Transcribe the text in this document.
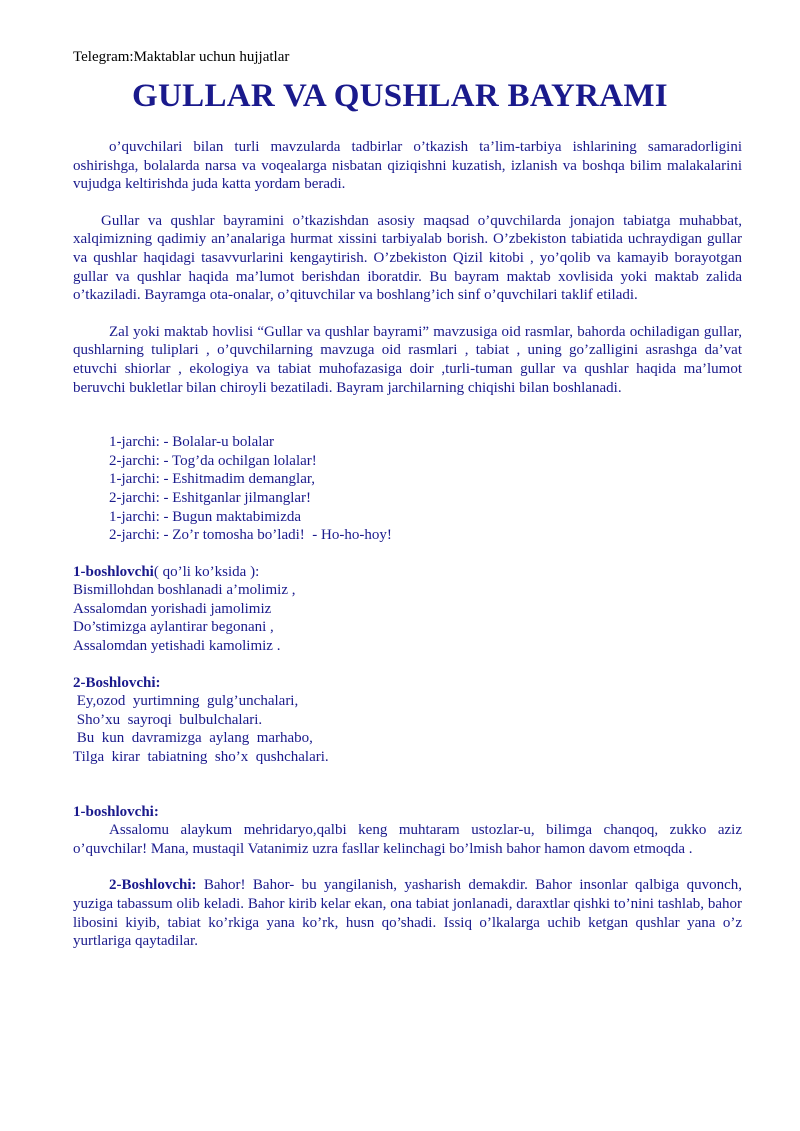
Telegram:Maktablar uchun hujjatlar
GULLAR VA QUSHLAR BAYRAMI

o’quvchilari bilan turli mavzularda tadbirlar o’tkazish ta’lim-tarbiya ishlarining samaradorligini oshirishga, bolalarda narsa va voqealarga nisbatan qiziqishni kuzatish, izlanish va boshqa bilim malakalarini vujudga keltirishda juda katta yordam beradi.

Gullar va qushlar bayramini o’tkazishdan asosiy maqsad o’quvchilarda jonajon tabiatga muhabbat, xalqimizning qadimiy an’analariga hurmat xissini tarbiyalab borish. O’zbekiston tabiatida uchraydigan gullar va qushlar haqidagi tasavvurlarini kengaytirish. O’zbekiston Qizil kitobi , yo’qolib va kamayib borayotgan gullar va qushlar haqida ma’lumot berishdan iboratdir. Bu bayram maktab xovlisida yoki maktab zalida o’tkaziladi. Bayramga ota-onalar, o’qituvchilar va boshlang’ich sinf o’quvchilari taklif etiladi.

Zal yoki maktab hovlisi “Gullar va qushlar bayrami” mavzusiga oid rasmlar, bahorda ochiladigan gullar, qushlarning tuliplari , o’quvchilarning mavzuga oid rasmlari , tabiat , uning go’zalligini asrashga da’vat etuvchi shiorlar , ekologiya va tabiat muhofazasiga doir ,turli-tuman gullar va qushlar haqida ma’lumot beruvchi bukletlar bilan chiroyli bezatiladi. Bayram jarchilarning chiqishi bilan boshlanadi.

1-jarchi: - Bolalar-u bolalar
2-jarchi: - Tog’da ochilgan lolalar!
1-jarchi: - Eshitmadim demanglar,
2-jarchi: - Eshitganlar jilmanglar!
1-jarchi: - Bugun maktabimizda
2-jarchi: - Zo’r tomosha bo’ladi!  - Ho-ho-hoy!
1-boshlovchi( qo’li ko’ksida ):
Bismillohdan boshlanadi a’molimiz ,
Assalomdan yorishadi jamolimiz
Do’stimizga aylantirar begonani ,
Assalomdan yetishadi kamolimiz .
2-Boshlovchi:
Ey,ozod  yurtimning  gulg’unchalari,
Sho’xu  sayroqi  bulbulchalari.
Bu  kun  davramizga  aylang  marhabo,
Tilga  kirar  tabiatning  sho’x  qushchalari.
1-boshlovchi:

Assalomu alaykum mehridaryo,qalbi keng muhtaram ustozlar-u, bilimga chanqoq, zukko aziz o’quvchilar! Mana, mustaqil Vatanimiz uzra fasllar kelinchagi bo’lmish bahor hamon davom etmoqda .

2-Boshlovchi: Bahor! Bahor- bu yangilanish, yasharish demakdir. Bahor insonlar qalbiga quvonch, yuziga tabassum olib keladi. Bahor kirib kelar ekan, ona tabiat jonlanadi, daraxtlar qishki to’nini tashlab, bahor libosini kiyib, tabiat ko’rkiga yana ko’rk, husn qo’shadi. Issiq o’lkalarga uchib ketgan qushlar yana o’z yurtlariga qaytadilar.
